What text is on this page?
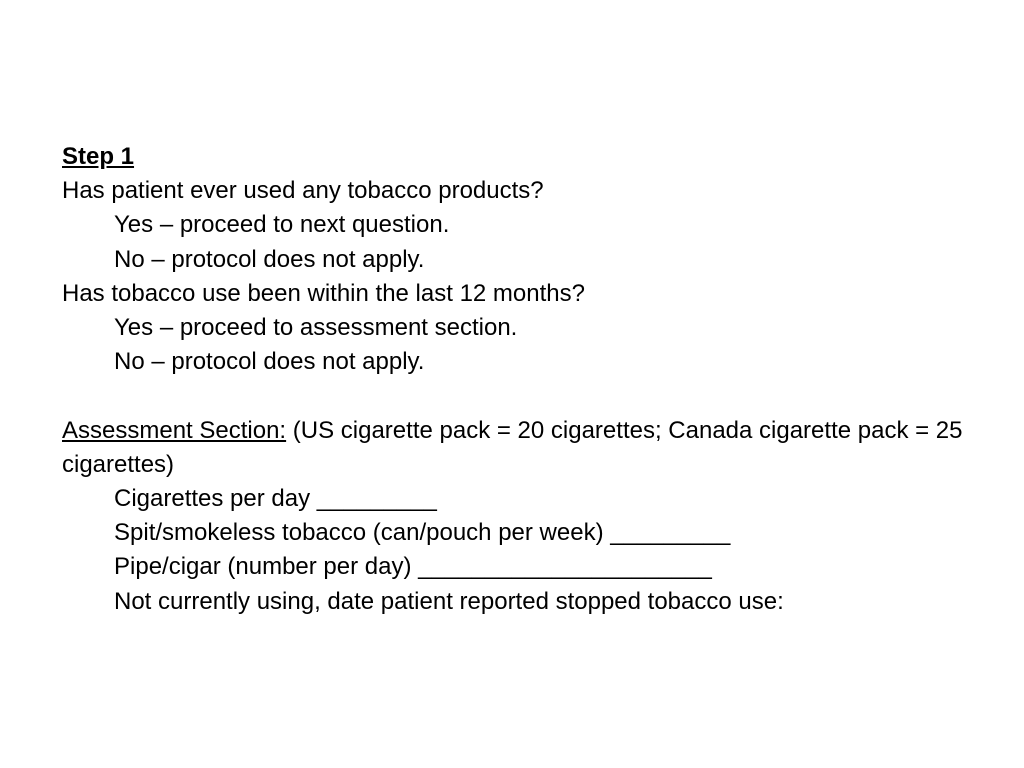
Step 1
Has patient ever used any tobacco products?
Yes – proceed to next question.
No – protocol does not apply.
Has tobacco use been within the last 12 months?
Yes – proceed to assessment section.
No – protocol does not apply.
Assessment Section: (US cigarette pack = 20 cigarettes; Canada cigarette pack = 25 cigarettes)
Cigarettes per day _________
Spit/smokeless tobacco (can/pouch per week) _________
Pipe/cigar (number per day) ______________________
Not currently using, date patient reported stopped tobacco use:
